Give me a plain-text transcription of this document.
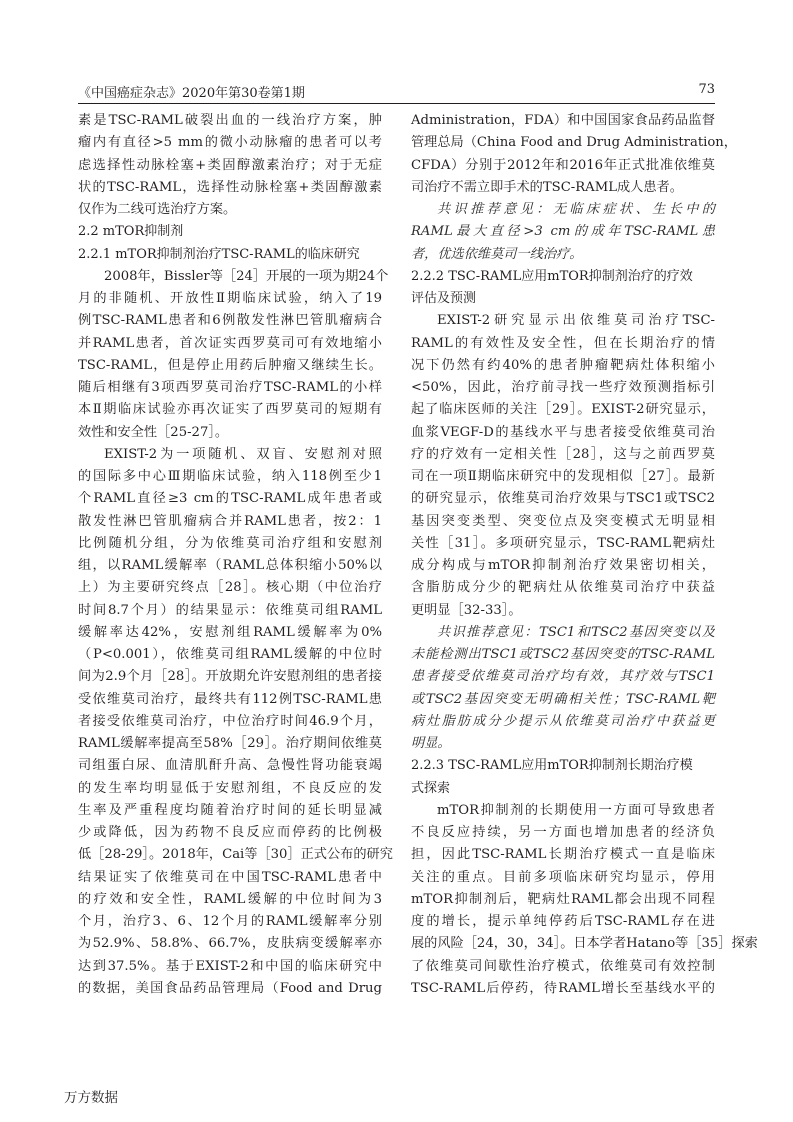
《中国癌症杂志》2020年第30卷第1期	73
素是TSC-RAML破裂出血的一线治疗方案，肿
瘤内有直径>5 mm的微小动脉瘤的患者可以考
虑选择性动脉栓塞+类固醇激素治疗；对于无症
状的TSC-RAML，选择性动脉栓塞+类固醇激素
仅作为二线可选治疗方案。
2.2 mTOR抑制剂
2.2.1 mTOR抑制剂治疗TSC-RAML的临床研究
2008年，Bissler等［24］开展的一项为期24个
月的非随机、开放性Ⅱ期临床试验，纳入了19
例TSC-RAML患者和6例散发性淋巴管肌瘤病合
并RAML患者，首次证实西罗莫司可有效地缩小
TSC-RAML，但是停止用药后肿瘤又继续生长。
随后相继有3项西罗莫司治疗TSC-RAML的小样
本Ⅱ期临床试验亦再次证实了西罗莫司的短期有
效性和安全性［25-27］。
EXIST-2为一项随机、双盲、安慰剂对照
的国际多中心Ⅲ期临床试验，纳入118例至少1
个RAML直径≥3 cm的TSC-RAML成年患者或
散发性淋巴管肌瘤病合并RAML患者，按2：1
比例随机分组，分为依维莫司治疗组和安慰剂
组，以RAML缓解率（RAML总体积缩小50%以
上）为主要研究终点［28］。核心期（中位治疗
时间8.7个月）的结果显示：依维莫司组RAML
缓解率达42%，安慰剂组RAML缓解率为0%
（P<0.001），依维莫司组RAML缓解的中位时
间为2.9个月［28］。开放期允许安慰剂组的患者接
受依维莫司治疗，最终共有112例TSC-RAML患
者接受依维莫司治疗，中位治疗时间46.9个月，
RAML缓解率提高至58%［29］。治疗期间依维莫
司组蛋白尿、血清肌酐升高、急慢性肾功能衰竭
的发生率均明显低于安慰剂组，不良反应的发
生率及严重程度均随着治疗时间的延长明显减
少或降低，因为药物不良反应而停药的比例极
低［28-29］。2018年，Cai等［30］正式公布的研究
结果证实了依维莫司在中国TSC-RAML患者中
的疗效和安全性，RAML缓解的中位时间为3
个月，治疗3、6、12个月的RAML缓解率分别
为52.9%、58.8%、66.7%，皮肤病变缓解率亦
达到37.5%。基于EXIST-2和中国的临床研究中
的数据，美国食品药品管理局（Food and Drug
Administration，FDA）和中国国家食品药品监督
管理总局（China Food and Drug Administration，
CFDA）分别于2012年和2016年正式批准依维莫
司治疗不需立即手术的TSC-RAML成人患者。
共识推荐意见：无临床症状、生长中的
RAML最大直径>3 cm的成年TSC-RAML患
者，优选依维莫司一线治疗。
2.2.2 TSC-RAML应用mTOR抑制剂治疗的疗效
评估及预测
EXIST-2研究显示出依维莫司治疗TSC-
RAML的有效性及安全性，但在长期治疗的情
况下仍然有约40%的患者肿瘤靶病灶体积缩小
<50%，因此，治疗前寻找一些疗效预测指标引
起了临床医师的关注［29］。EXIST-2研究显示，
血浆VEGF-D的基线水平与患者接受依维莫司治
疗的疗效有一定相关性［28］，这与之前西罗莫
司在一项Ⅱ期临床研究中的发现相似［27］。最新
的研究显示，依维莫司治疗效果与TSC1或TSC2
基因突变类型、突变位点及突变模式无明显相
关性［31］。多项研究显示，TSC-RAML靶病灶
成分构成与mTOR抑制剂治疗效果密切相关，
含脂肪成分少的靶病灶从依维莫司治疗中获益
更明显［32-33］。
共识推荐意见：TSC1和TSC2基因突变以及
未能检测出TSC1或TSC2基因突变的TSC-RAML
患者接受依维莫司治疗均有效，其疗效与TSC1
或TSC2基因突变无明确相关性；TSC-RAML靶
病灶脂肪成分少提示从依维莫司治疗中获益更
明显。
2.2.3 TSC-RAML应用mTOR抑制剂长期治疗模
式探索
mTOR抑制剂的长期使用一方面可导致患者
不良反应持续，另一方面也增加患者的经济负
担，因此TSC-RAML长期治疗模式一直是临床
关注的重点。目前多项临床研究均显示，停用
mTOR抑制剂后，靶病灶RAML都会出现不同程
度的增长，提示单纯停药后TSC-RAML存在进
展的风险［24，30，34］。日本学者Hatano等［35］探索
了依维莫司间歇性治疗模式，依维莫司有效控制
TSC-RAML后停药，待RAML增长至基线水平的
万方数据
